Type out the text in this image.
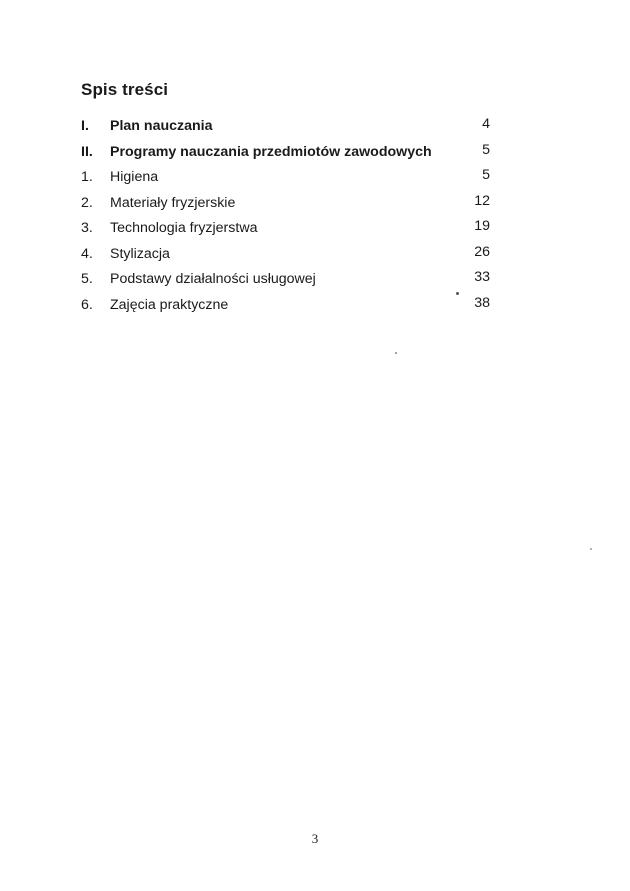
Spis treści
I. Plan nauczania	4
II. Programy nauczania przedmiotów zawodowych	5
1. Higiena	5
2. Materiały fryzjerskie	12
3. Technologia fryzjerstwa	19
4. Stylizacja	26
5. Podstawy działalności usługowej	33
6. Zajęcia praktyczne	38
3
